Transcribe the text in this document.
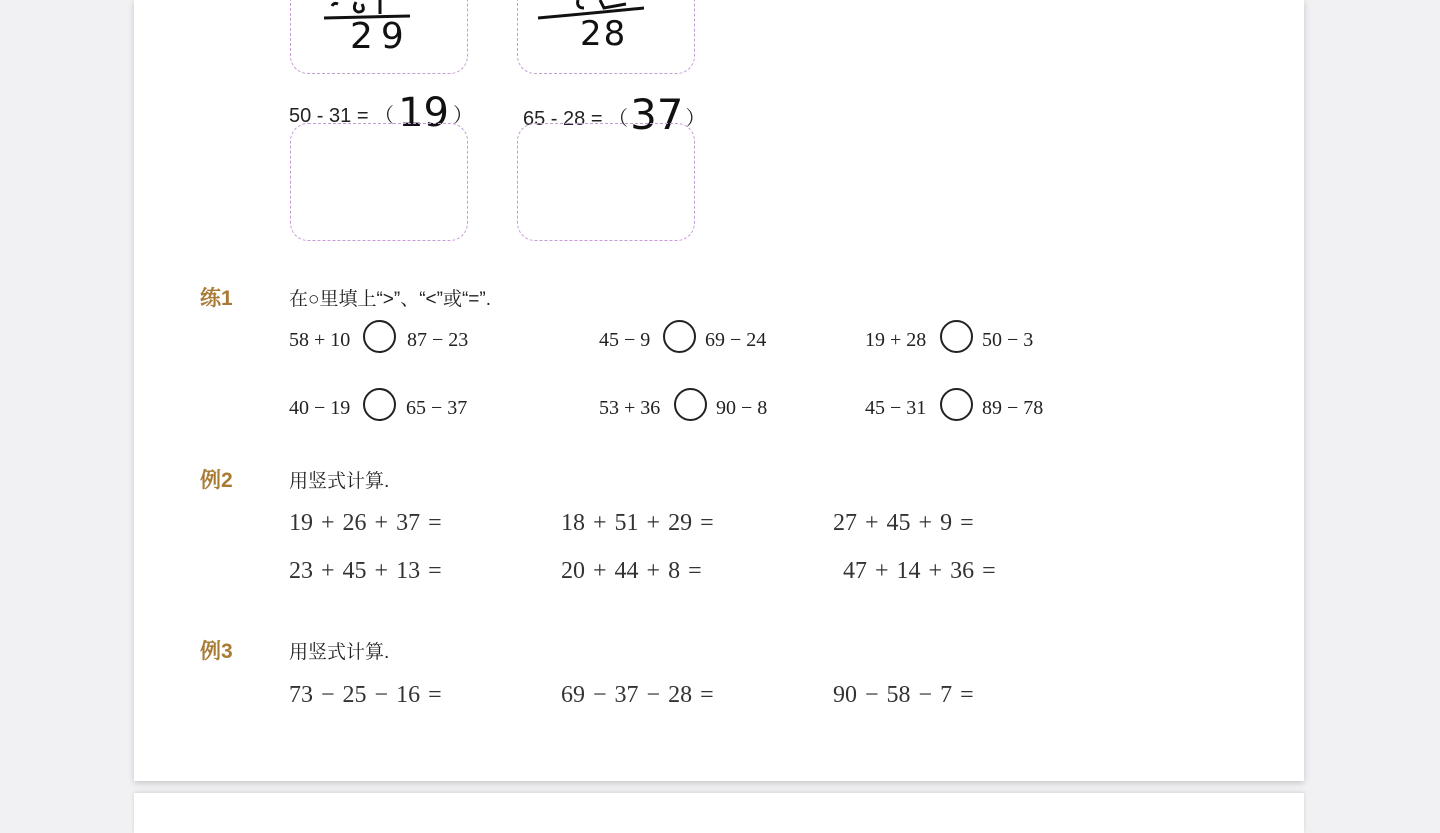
29	28
50 - 31 = （ 19 ）	65 - 28 = （37 ）
练1	在○里填上“>”、“<”或“=”.
58 + 10	87 − 23	45 − 9	69 − 24	19 + 28	50 − 3
40 − 19	65 − 37	53 + 36	90 − 8	45 − 31	89 − 78
例2	用竖式计算.
19 + 26 + 37 =	18 + 51 + 29 =	27 + 45 + 9 =
23 + 45 + 13 =	20 + 44 + 8 =	47 + 14 + 36 =
例3	用竖式计算.
73 − 25 − 16 =	69 − 37 − 28 =	90 − 58 − 7 =
